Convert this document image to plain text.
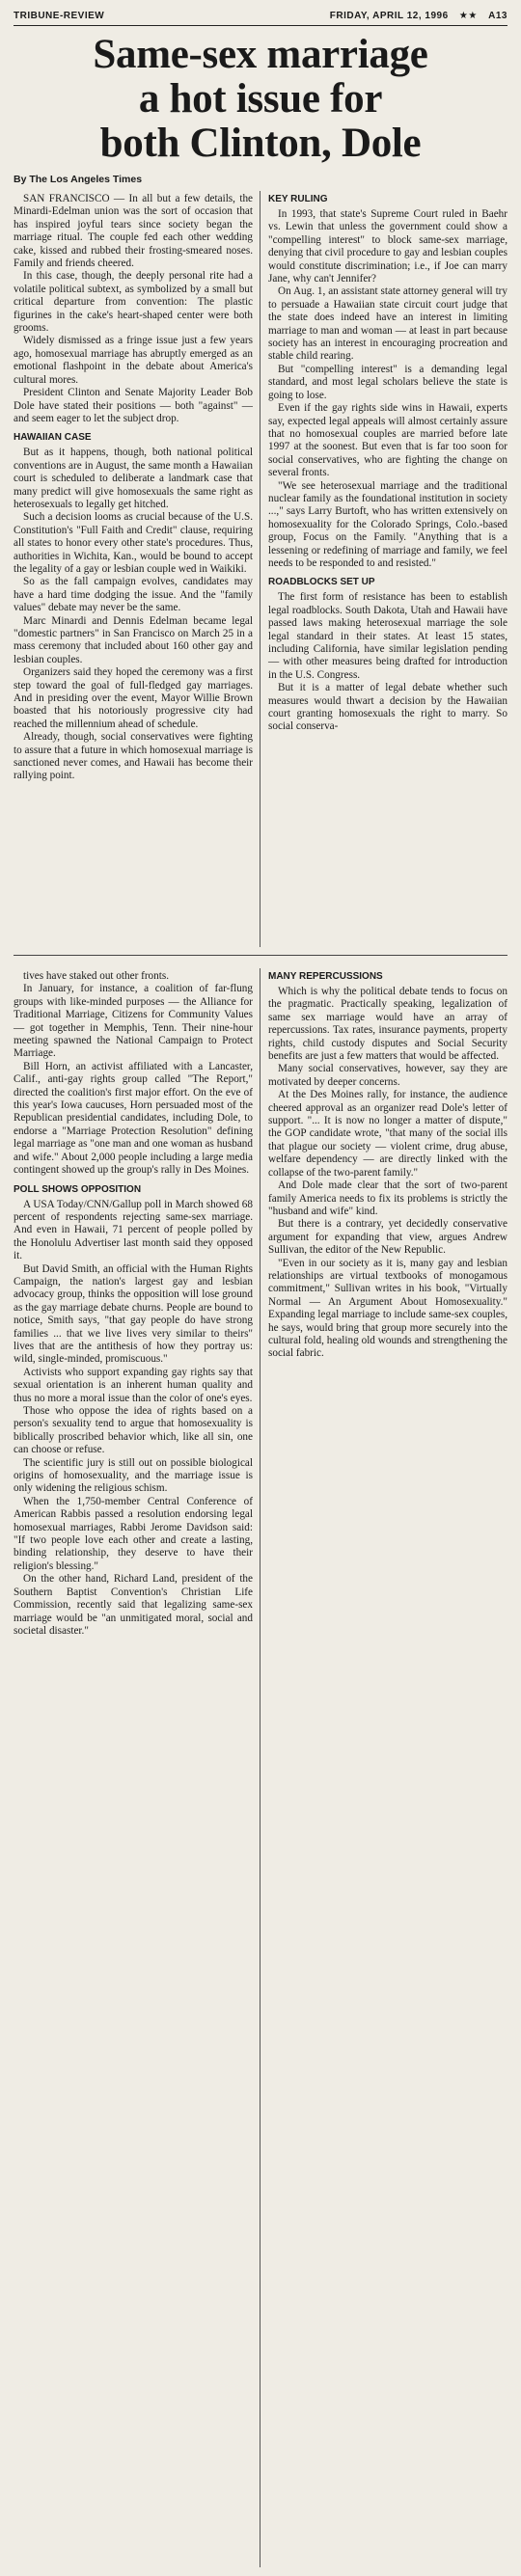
TRIBUNE-REVIEW	FRIDAY, APRIL 12, 1996 ★★ A13
Same-sex marriage
a hot issue for
both Clinton, Dole
By The Los Angeles Times

SAN FRANCISCO — In all but a few details, the Minardi-Edelman union was the sort of occasion that has inspired joyful tears since society began the marriage ritual. The couple fed each other wedding cake, kissed and rubbed their frosting-smeared noses. Family and friends cheered.

In this case, though, the deeply personal rite had a volatile political subtext, as symbolized by a small but critical departure from convention: The plastic figurines in the cake's heart-shaped center were both grooms.

Widely dismissed as a fringe issue just a few years ago, homosexual marriage has abruptly emerged as an emotional flashpoint in the debate about America's cultural mores.

President Clinton and Senate Majority Leader Bob Dole have stated their positions — both "against" — and seem eager to let the subject drop.

HAWAIIAN CASE

But as it happens, though, both national political conventions are in August, the same month a Hawaiian court is scheduled to deliberate a landmark case that many predict will give homosexuals the same right as heterosexuals to legally get hitched.

Such a decision looms as crucial because of the U.S. Constitution's "Full Faith and Credit" clause, requiring all states to honor every other state's procedures. Thus, authorities in Wichita, Kan., would be bound to accept the legality of a gay or lesbian couple wed in Waikiki.

So as the fall campaign evolves, candidates may have a hard time dodging the issue. And the "family values" debate may never be the same.

Marc Minardi and Dennis Edelman became legal "domestic partners" in San Francisco on March 25 in a mass ceremony that included about 160 other gay and lesbian couples.

Organizers said they hoped the ceremony was a first step toward the goal of full-fledged gay marriages. And in presiding over the event, Mayor Willie Brown boasted that his notoriously progressive city had reached the millennium ahead of schedule.

Already, though, social conservatives were fighting to assure that a future in which homosexual marriage is sanctioned never comes, and Hawaii has become their rallying point.

KEY RULING

In 1993, that state's Supreme Court ruled in Baehr vs. Lewin that unless the government could show a "compelling interest" to block same-sex marriage, denying that civil procedure to gay and lesbian couples would constitute discrimination; i.e., if Joe can marry Jane, why can't Jennifer?

On Aug. 1, an assistant state attorney general will try to persuade a Hawaiian state circuit court judge that the state does indeed have an interest in limiting marriage to man and woman — at least in part because society has an interest in encouraging procreation and stable child rearing.

But "compelling interest" is a demanding legal standard, and most legal scholars believe the state is going to lose.

Even if the gay rights side wins in Hawaii, experts say, expected legal appeals will almost certainly assure that no homosexual couples are married before late 1997 at the soonest. But even that is far too soon for social conservatives, who are fighting the change on several fronts.

"We see heterosexual marriage and the traditional nuclear family as the foundational institution in society ...," says Larry Burtoft, who has written extensively on homosexuality for the Colorado Springs, Colo.-based group, Focus on the Family. "Anything that is a lessening or redefining of marriage and family, we feel needs to be responded to and resisted."

ROADBLOCKS SET UP

The first form of resistance has been to establish legal roadblocks. South Dakota, Utah and Hawaii have passed laws making heterosexual marriage the sole legal standard in their states. At least 15 states, including California, have similar legislation pending — with other measures being drafted for introduction in the U.S. Congress.

But it is a matter of legal debate whether such measures would thwart a decision by the Hawaiian court granting homosexuals the right to marry. So social conserva-

tives have staked out other fronts.

In January, for instance, a coalition of far-flung groups with like-minded purposes — the Alliance for Traditional Marriage, Citizens for Community Values — got together in Memphis, Tenn. Their nine-hour meeting spawned the National Campaign to Protect Marriage.

Bill Horn, an activist affiliated with a Lancaster, Calif., anti-gay rights group called "The Report," directed the coalition's first major effort. On the eve of this year's Iowa caucuses, Horn persuaded most of the Republican presidential candidates, including Dole, to endorse a "Marriage Protection Resolution" defining legal marriage as "one man and one woman as husband and wife." About 2,000 people including a large media contingent showed up the group's rally in Des Moines.

POLL SHOWS OPPOSITION

A USA Today/CNN/Gallup poll in March showed 68 percent of respondents rejecting same-sex marriage. And even in Hawaii, 71 percent of people polled by the Honolulu Advertiser last month said they opposed it.

But David Smith, an official with the Human Rights Campaign, the nation's largest gay and lesbian advocacy group, thinks the opposition will lose ground as the gay marriage debate churns. People are bound to notice, Smith says, "that gay people do have strong families ... that we live lives very similar to theirs" lives that are the antithesis of how they portray us: wild, single-minded, promiscuous."

Activists who support expanding gay rights say that sexual orientation is an inherent human quality and thus no more a moral issue than the color of one's eyes.

Those who oppose the idea of rights based on a person's sexuality tend to argue that homosexuality is biblically proscribed behavior which, like all sin, one can choose or refuse.

The scientific jury is still out on possible biological origins of homosexuality, and the marriage issue is only widening the religious schism.

When the 1,750-member Central Conference of American Rabbis passed a resolution endorsing legal homosexual marriages, Rabbi Jerome Davidson said: "If two people love each other and create a lasting, binding relationship, they deserve to have their religion's blessing."

On the other hand, Richard Land, president of the Southern Baptist Convention's Christian Life Commission, recently said that legalizing same-sex marriage would be "an unmitigated moral, social and societal disaster."

MANY REPERCUSSIONS

Which is why the political debate tends to focus on the pragmatic. Practically speaking, legalization of same sex marriage would have an array of repercussions. Tax rates, insurance payments, property rights, child custody disputes and Social Security benefits are just a few matters that would be affected.

Many social conservatives, however, say they are motivated by deeper concerns.

At the Des Moines rally, for instance, the audience cheered approval as an organizer read Dole's letter of support. "... It is now no longer a matter of dispute," the GOP candidate wrote, "that many of the social ills that plague our society — violent crime, drug abuse, welfare dependency — are directly linked with the collapse of the two-parent family."

And Dole made clear that the sort of two-parent family America needs to fix its problems is strictly the "husband and wife" kind.

But there is a contrary, yet decidedly conservative argument for expanding that view, argues Andrew Sullivan, the editor of the New Republic.

"Even in our society as it is, many gay and lesbian relationships are virtual textbooks of monogamous commitment," Sullivan writes in his book, "Virtually Normal — An Argument About Homosexuality." Expanding legal marriage to include same-sex couples, he says, would bring that group more securely into the cultural fold, healing old wounds and strengthening the social fabric.
